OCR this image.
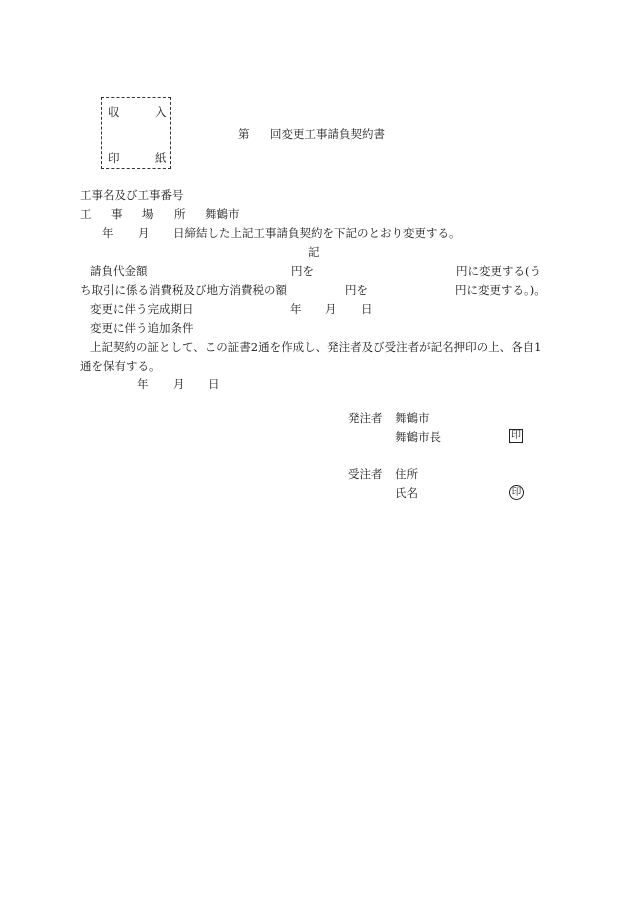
収	入
印	紙
第 回変更工事請負契約書
工事名及び工事番号
工 事 場 所 舞鶴市
年 月 日締結した上記工事請負契約を下記のとおり変更する。
記
請負代金額	円を	円に変更する(う
ち取引に係る消費税及び地方消費税の額	円を	円に変更する。)。
変更に伴う完成期日	年 月 日
変更に伴う追加条件
上記契約の証として、この証書2通を作成し、発注者及び受注者が記名押印の上、各自1
通を保有する。
年 月 日
発注者 舞鶴市
舞鶴市長	印
受注者 住所
氏名	印
